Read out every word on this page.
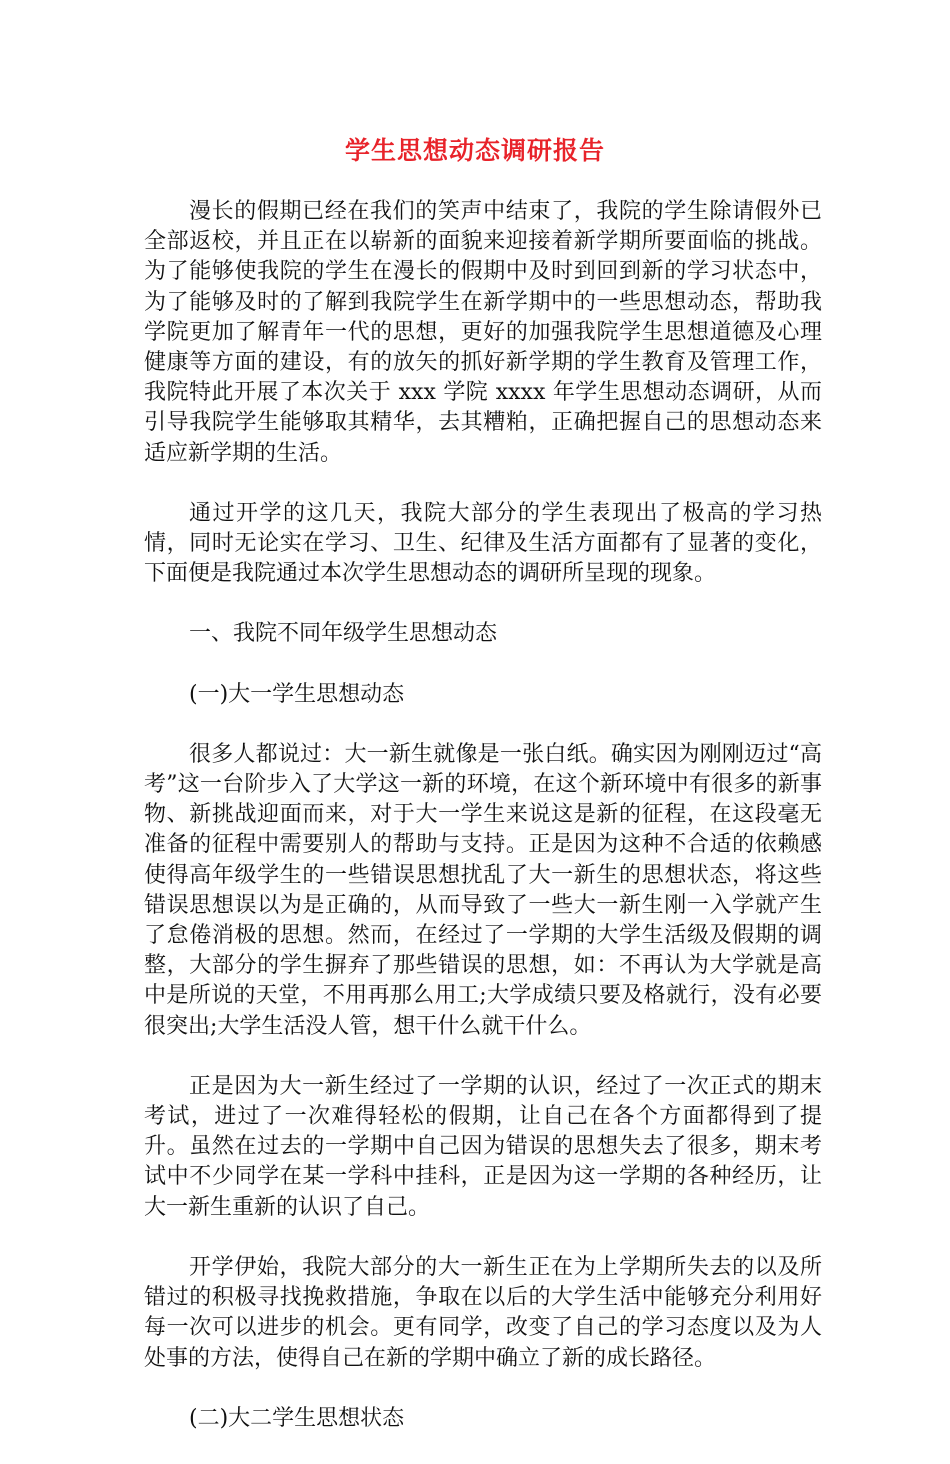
学生思想动态调研报告

漫长的假期已经在我们的笑声中结束了，我院的学生除请假外已全部返校，并且正在以崭新的面貌来迎接着新学期所要面临的挑战。为了能够使我院的学生在漫长的假期中及时到回到新的学习状态中，为了能够及时的了解到我院学生在新学期中的一些思想动态，帮助我学院更加了解青年一代的思想，更好的加强我院学生思想道德及心理健康等方面的建设，有的放矢的抓好新学期的学生教育及管理工作，我院特此开展了本次关于 xxx 学院 xxxx 年学生思想动态调研，从而引导我院学生能够取其精华，去其糟粕，正确把握自己的思想动态来适应新学期的生活。

通过开学的这几天，我院大部分的学生表现出了极高的学习热情，同时无论实在学习、卫生、纪律及生活方面都有了显著的变化，下面便是我院通过本次学生思想动态的调研所呈现的现象。

一、我院不同年级学生思想动态

(一)大一学生思想动态

很多人都说过：大一新生就像是一张白纸。确实因为刚刚迈过“高考”这一台阶步入了大学这一新的环境，在这个新环境中有很多的新事物、新挑战迎面而来，对于大一学生来说这是新的征程，在这段毫无准备的征程中需要别人的帮助与支持。正是因为这种不合适的依赖感使得高年级学生的一些错误思想扰乱了大一新生的思想状态，将这些错误思想误以为是正确的，从而导致了一些大一新生刚一入学就产生了怠倦消极的思想。然而，在经过了一学期的大学生活级及假期的调整，大部分的学生摒弃了那些错误的思想，如：不再认为大学就是高中是所说的天堂，不用再那么用工;大学成绩只要及格就行，没有必要很突出;大学生活没人管，想干什么就干什么。

正是因为大一新生经过了一学期的认识，经过了一次正式的期末考试，进过了一次难得轻松的假期，让自己在各个方面都得到了提升。虽然在过去的一学期中自己因为错误的思想失去了很多，期末考试中不少同学在某一学科中挂科，正是因为这一学期的各种经历，让大一新生重新的认识了自己。

开学伊始，我院大部分的大一新生正在为上学期所失去的以及所错过的积极寻找挽救措施，争取在以后的大学生活中能够充分利用好每一次可以进步的机会。更有同学，改变了自己的学习态度以及为人处事的方法，使得自己在新的学期中确立了新的成长路径。

(二)大二学生思想状态
